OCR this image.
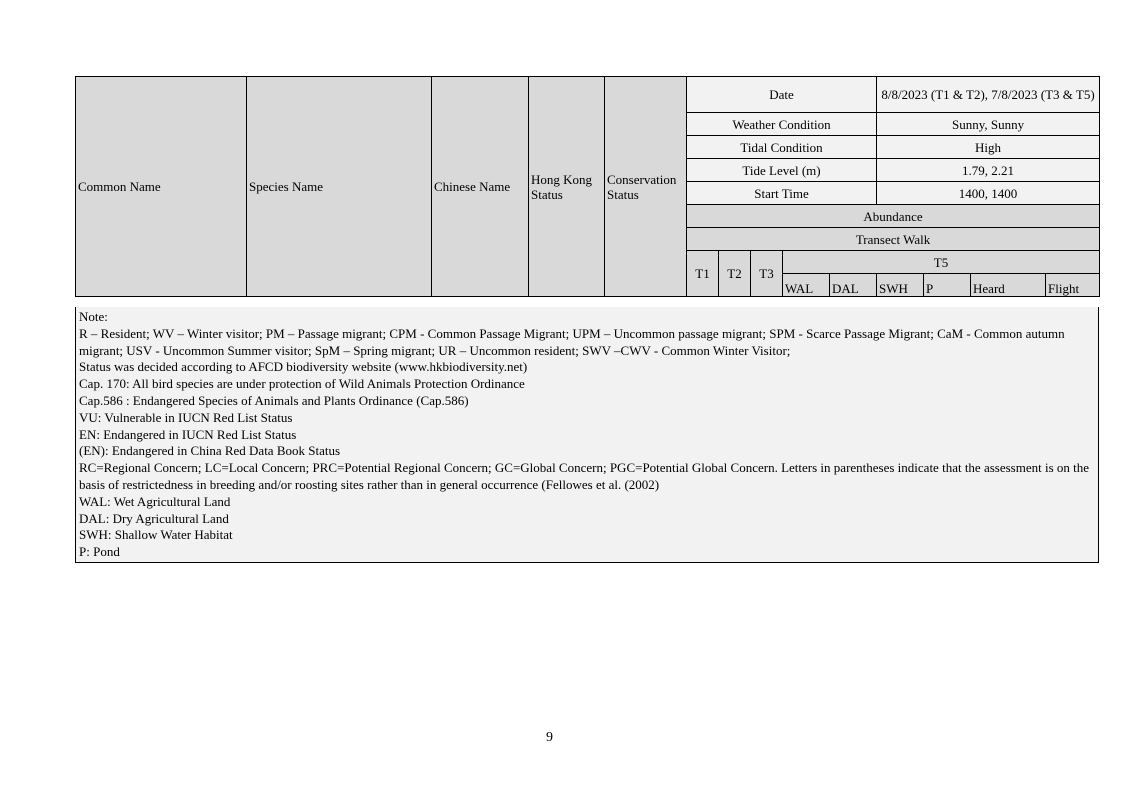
Common Name	Species Name	Chinese Name	Hong Kong Status	Conservation Status	Date					8/8/2023 (T1 & T2), 7/8/2023 (T3 & T5)			
					Weather Condition					Sunny, Sunny			
					Tidal Condition					High			
					Tide Level (m)					1.79, 2.21			
					Start Time					1400, 1400			
					Abundance								
					Transect Walk								
					T1	T2	T3	T5					
								WAL	DAL	SWH	P	Heard	Flight
Note:
R – Resident; WV – Winter visitor; PM – Passage migrant; CPM - Common Passage Migrant; UPM – Uncommon passage migrant; SPM - Scarce Passage Migrant; CaM - Common autumn migrant; USV - Uncommon Summer visitor; SpM – Spring migrant; UR – Uncommon resident; SWV –CWV - Common Winter Visitor;
Status was decided according to AFCD biodiversity website (www.hkbiodiversity.net)
Cap. 170: All bird species are under protection of Wild Animals Protection Ordinance
Cap.586 : Endangered Species of Animals and Plants Ordinance (Cap.586)
VU: Vulnerable in IUCN Red List Status
EN: Endangered in IUCN Red List Status
(EN): Endangered in China Red Data Book Status
RC=Regional Concern; LC=Local Concern; PRC=Potential Regional Concern; GC=Global Concern; PGC=Potential Global Concern. Letters in parentheses indicate that the assessment is on the basis of restrictedness in breeding and/or roosting sites rather than in general occurrence (Fellowes et al. (2002)
WAL: Wet Agricultural Land
DAL: Dry Agricultural Land
SWH: Shallow Water Habitat
P: Pond
9
